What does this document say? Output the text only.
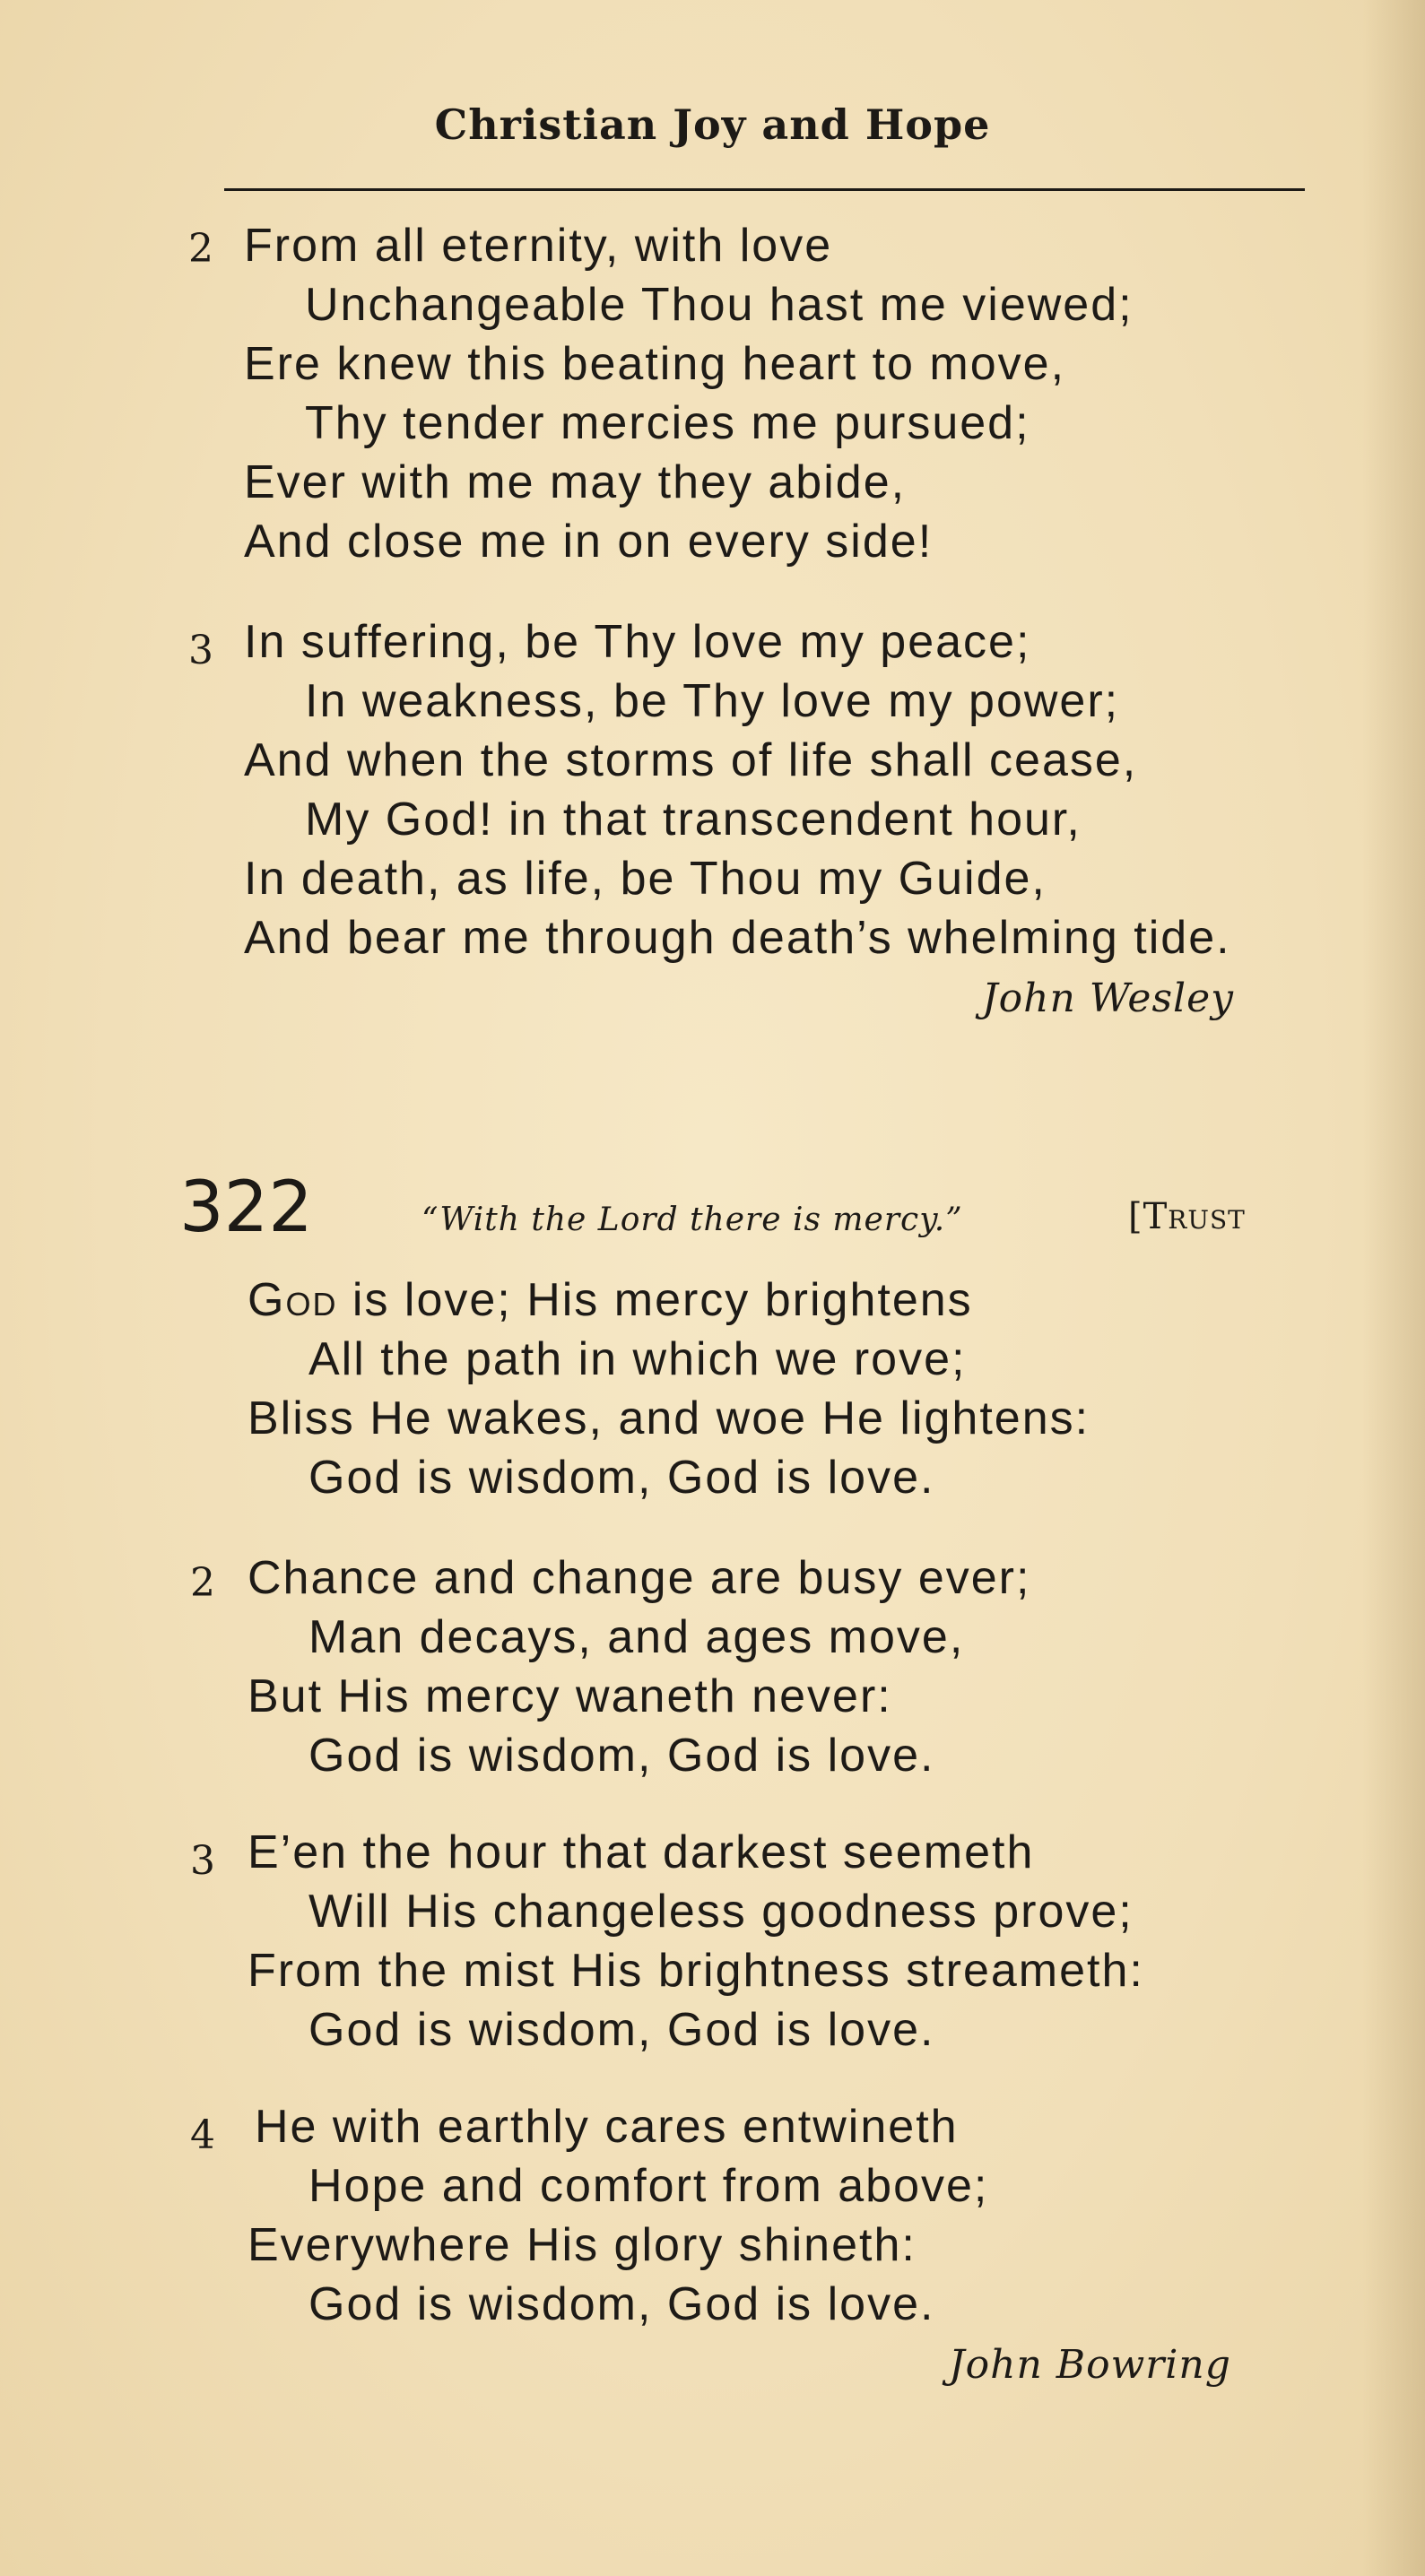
Christian Joy and Hope
2 From all eternity, with love
Unchangeable Thou hast me viewed;
Ere knew this beating heart to move,
Thy tender mercies me pursued;
Ever with me may they abide,
And close me in on every side!
3 In suffering, be Thy love my peace;
In weakness, be Thy love my power;
And when the storms of life shall cease,
My God! in that transcendent hour,
In death, as life, be Thou my Guide,
And bear me through death’s whelming tide.
John Wesley
322	“With the Lord there is mercy.”	[Trust
God is love; His mercy brightens
All the path in which we rove;
Bliss He wakes, and woe He lightens:
God is wisdom, God is love.
2 Chance and change are busy ever;
Man decays, and ages move,
But His mercy waneth never:
God is wisdom, God is love.
3 E’en the hour that darkest seemeth
Will His changeless goodness prove;
From the mist His brightness streameth:
God is wisdom, God is love.
4 He with earthly cares entwineth
Hope and comfort from above;
Everywhere His glory shineth:
God is wisdom, God is love.
John Bowring
